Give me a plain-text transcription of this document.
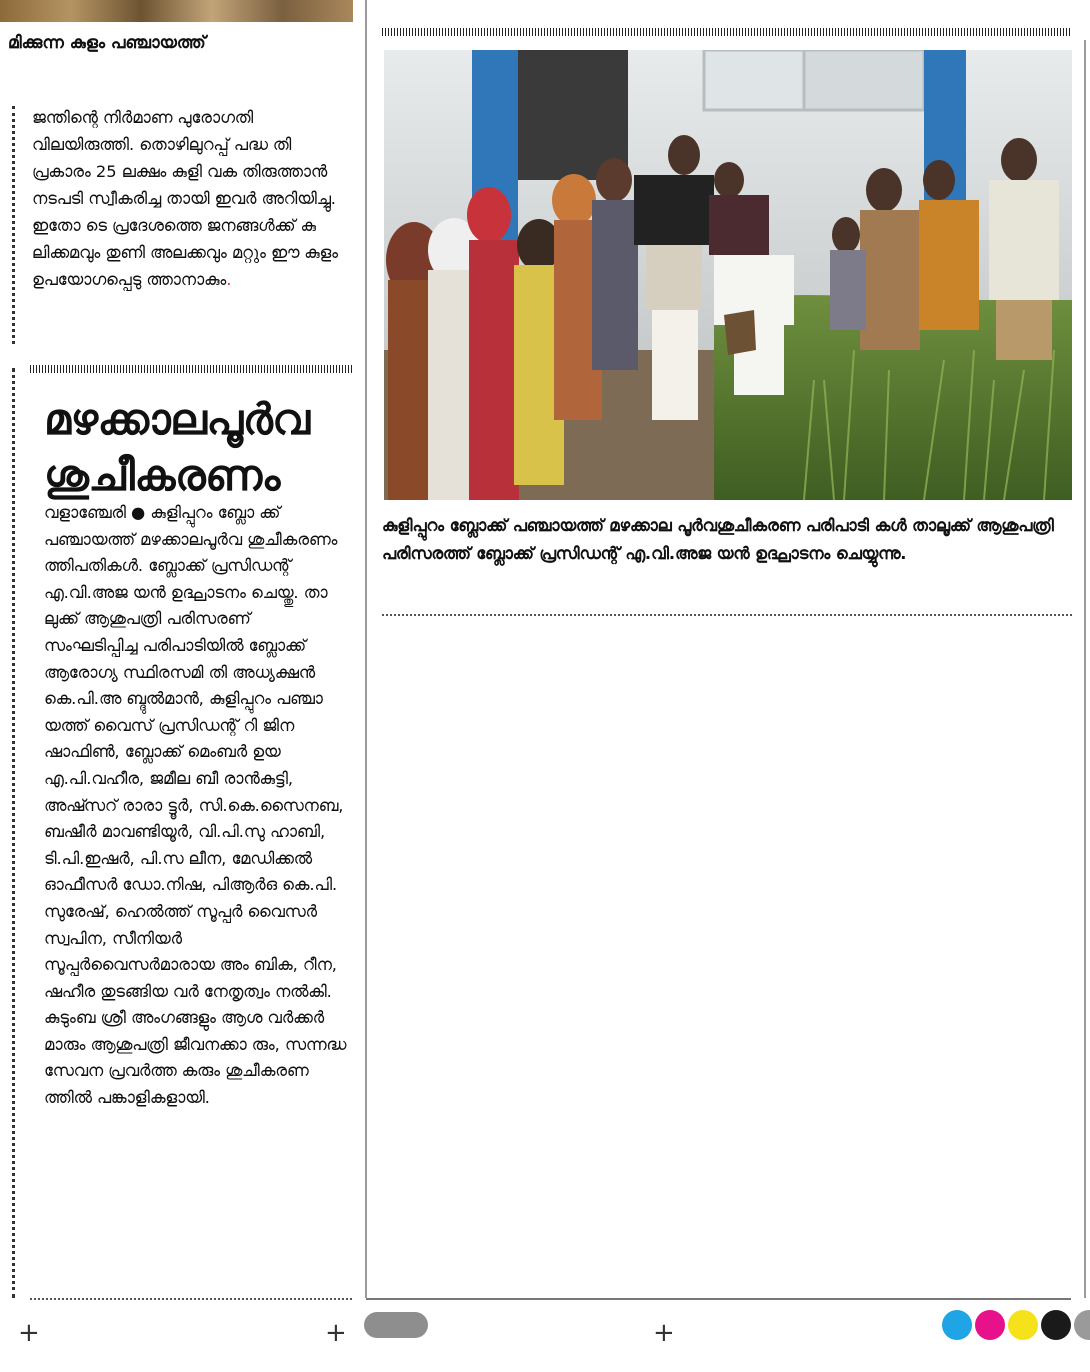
മിക്കുന്ന കുളം പഞ്ചായത്ത്
ജന്തിന്റെ നിർമാണ പുരോഗതി വിലയിരുത്തി. തൊഴിലുറപ്പ് പദ്ധ തി പ്രകാരം 25 ലക്ഷം കുളി വക തിരുത്താൻ നടപടി സ്വീകരിച്ച തായി ഇവർ അറിയിച്ചു. ഇതോ ടെ പ്രദേശത്തെ ജനങ്ങൾക്ക് കു ലിക്കമവും തുണി അലക്കവും മറ്റും ഈ കുളം ഉപയോഗപ്പെടു ത്താനാകും.
മഴക്കാലപൂർവ
ശുചീകരണം
വളാഞ്ചേരി ● കുളിപ്പുറം ബ്ലോ ക്ക് പഞ്ചായത്ത് മഴക്കാലപൂർവ ശുചീകരണം ത്തിപതികൾ. ബ്ലോക്ക് പ്രസിഡന്റ് എ.വി.അജ യൻ ഉദ്ഘാടനം ചെയ്തു. താ ലുക്ക് ആശുപത്രി പരിസരണ് സംഘടിപ്പിച്ച പരിപാടിയിൽ ബ്ലോക്ക് ആരോഗ്യ സ്ഥിരസമി തി അധ്യക്ഷൻ കെ.പി.അ ബ്ദുൽമാൻ, കുളിപ്പുറം പഞ്ചാ യത്ത് വൈസ് പ്രസിഡന്റ് റി ജിന ഷാഫിൺ, ബ്ലോക്ക് മെംബർ ഉയ എ.പി.വഹീര, ജമീല ബീ രാൻകുട്ടി, അഷ്സറ് രാരാ ട്ടൂർ, സി.കെ.സൈനബ, ബഷീർ മാവണ്ടിയൂർ, വി.പി.സു ഹാബി, ടി.പി.ഇഷർ, പി.സ ലീന, മേഡിക്കൽ ഓഫീസർ ഡോ.നിഷ, പിആർഒ കെ.പി. സുരേഷ്, ഹെൽത്ത് സൂപ്പർ വൈസർ സ്വപിന, സീനിയർ സൂപ്പർവൈസർമാരായ അം ബിക, റീന, ഷഹീര തുടങ്ങിയ വർ നേതൃത്വം നൽകി. കുടുംബ ശ്രീ അംഗങ്ങളും ആശ വർക്കർ മാരും ആശുപത്രി ജീവനക്കാ രും, സന്നദ്ധ സേവന പ്രവർത്ത കരും ശുചീകരണ ത്തിൽ പങ്കാളികളായി.
കുളിപ്പുറം ബ്ലോക്ക് പഞ്ചായത്ത് മഴക്കാല പൂർവശുചീകരണ പരിപാടി കൾ താലൂക്ക് ആശുപത്രി പരിസരത്ത് ബ്ലോക്ക് പ്രസിഡന്റ് എ.വി.അജ യൻ ഉദ്ഘാടനം ചെയ്യുന്നു.
+	+	+
